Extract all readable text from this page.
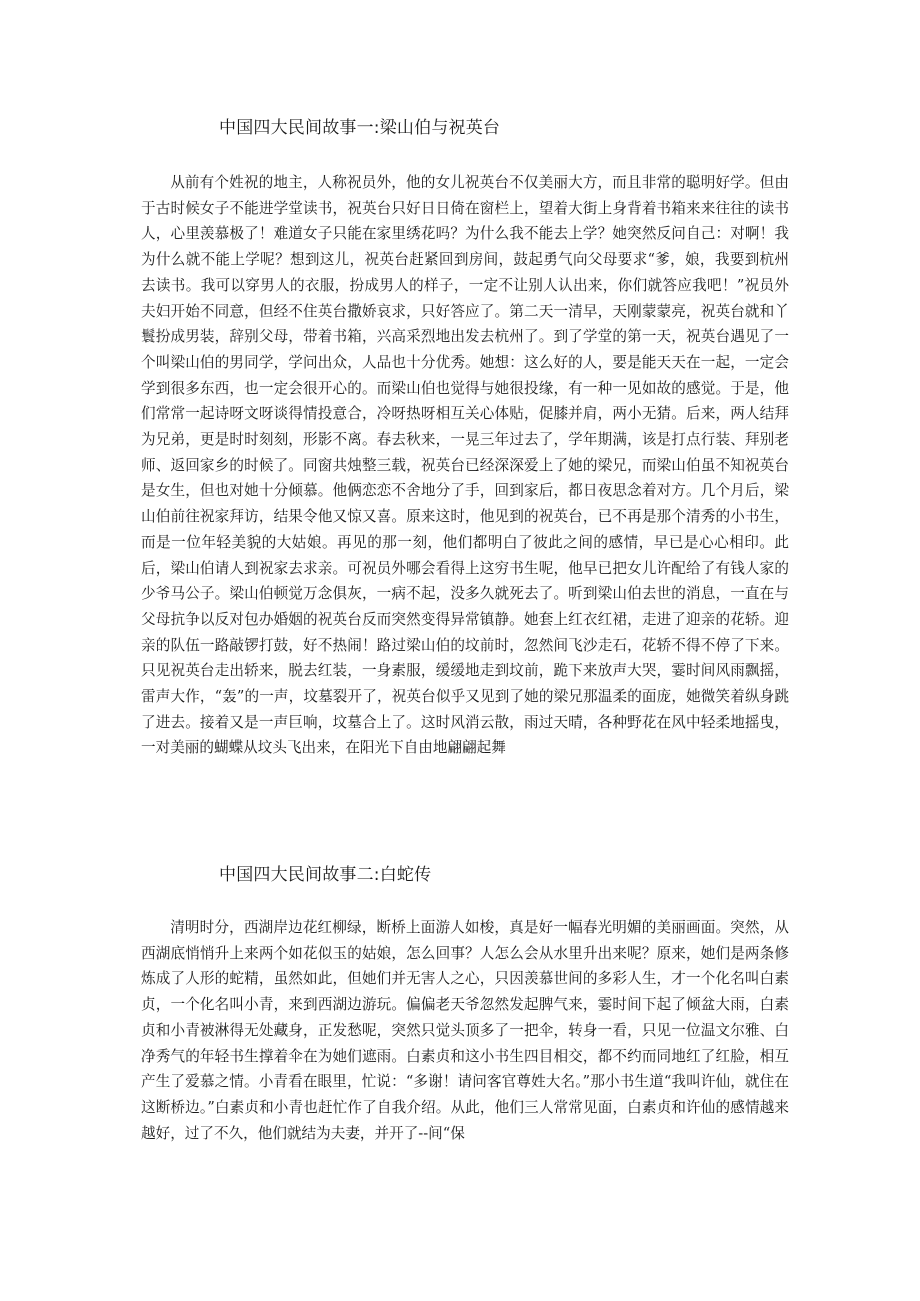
中国四大民间故事一:梁山伯与祝英台

从前有个姓祝的地主，人称祝员外，他的女儿祝英台不仅美丽大方，而且非常的聪明好学。但由于古时候女子不能进学堂读书，祝英台只好日日倚在窗栏上，望着大街上身背着书箱来来往往的读书人，心里羡慕极了！难道女子只能在家里绣花吗？为什么我不能去上学？她突然反问自己：对啊！我为什么就不能上学呢？想到这儿，祝英台赶紧回到房间，鼓起勇气向父母要求“爹，娘，我要到杭州去读书。我可以穿男人的衣服，扮成男人的样子，一定不让别人认出来，你们就答应我吧！”祝员外夫妇开始不同意，但经不住英台撒娇哀求，只好答应了。第二天一清早，天刚蒙蒙亮，祝英台就和丫鬟扮成男装，辞别父母，带着书箱，兴高采烈地出发去杭州了。到了学堂的第一天，祝英台遇见了一个叫梁山伯的男同学，学问出众，人品也十分优秀。她想：这么好的人，要是能天天在一起，一定会学到很多东西，也一定会很开心的。而梁山伯也觉得与她很投缘，有一种一见如故的感觉。于是，他们常常一起诗呀文呀谈得情投意合，冷呀热呀相互关心体贴，促膝并肩，两小无猜。后来，两人结拜为兄弟，更是时时刻刻，形影不离。春去秋来，一晃三年过去了，学年期满，该是打点行装、拜别老师、返回家乡的时候了。同窗共烛整三载，祝英台已经深深爱上了她的梁兄，而梁山伯虽不知祝英台是女生，但也对她十分倾慕。他俩恋恋不舍地分了手，回到家后，都日夜思念着对方。几个月后，梁山伯前往祝家拜访，结果令他又惊又喜。原来这时，他见到的祝英台，已不再是那个清秀的小书生，而是一位年轻美貌的大姑娘。再见的那一刻，他们都明白了彼此之间的感情，早已是心心相印。此后，梁山伯请人到祝家去求亲。可祝员外哪会看得上这穷书生呢，他早已把女儿许配给了有钱人家的少爷马公子。梁山伯顿觉万念俱灰，一病不起，没多久就死去了。听到梁山伯去世的消息，一直在与父母抗争以反对包办婚姻的祝英台反而突然变得异常镇静。她套上红衣红裙，走进了迎亲的花轿。迎亲的队伍一路敲锣打鼓，好不热闹！路过梁山伯的坟前时，忽然间飞沙走石，花轿不得不停了下来。只见祝英台走出轿来，脱去红装，一身素服，缓缓地走到坟前，跪下来放声大哭，霎时间风雨飘摇，雷声大作，“轰”的一声，坟墓裂开了，祝英台似乎又见到了她的梁兄那温柔的面庞，她微笑着纵身跳了进去。接着又是一声巨响，坟墓合上了。这时风消云散，雨过天晴，各种野花在风中轻柔地摇曳，一对美丽的蝴蝶从坟头飞出来，在阳光下自由地翩翩起舞

中国四大民间故事二:白蛇传

清明时分，西湖岸边花红柳绿，断桥上面游人如梭，真是好一幅春光明媚的美丽画面。突然，从西湖底悄悄升上来两个如花似玉的姑娘，怎么回事？人怎么会从水里升出来呢？原来，她们是两条修炼成了人形的蛇精，虽然如此，但她们并无害人之心，只因羡慕世间的多彩人生，才一个化名叫白素贞，一个化名叫小青，来到西湖边游玩。偏偏老天爷忽然发起脾气来，霎时间下起了倾盆大雨，白素贞和小青被淋得无处藏身，正发愁呢，突然只觉头顶多了一把伞，转身一看，只见一位温文尔雅、白净秀气的年轻书生撑着伞在为她们遮雨。白素贞和这小书生四目相交，都不约而同地红了红脸，相互产生了爱慕之情。小青看在眼里，忙说：“多谢！请问客官尊姓大名。”那小书生道“我叫许仙，就住在这断桥边。”白素贞和小青也赶忙作了自我介绍。从此，他们三人常常见面，白素贞和许仙的感情越来越好，过了不久，他们就结为夫妻，并开了--间“保
